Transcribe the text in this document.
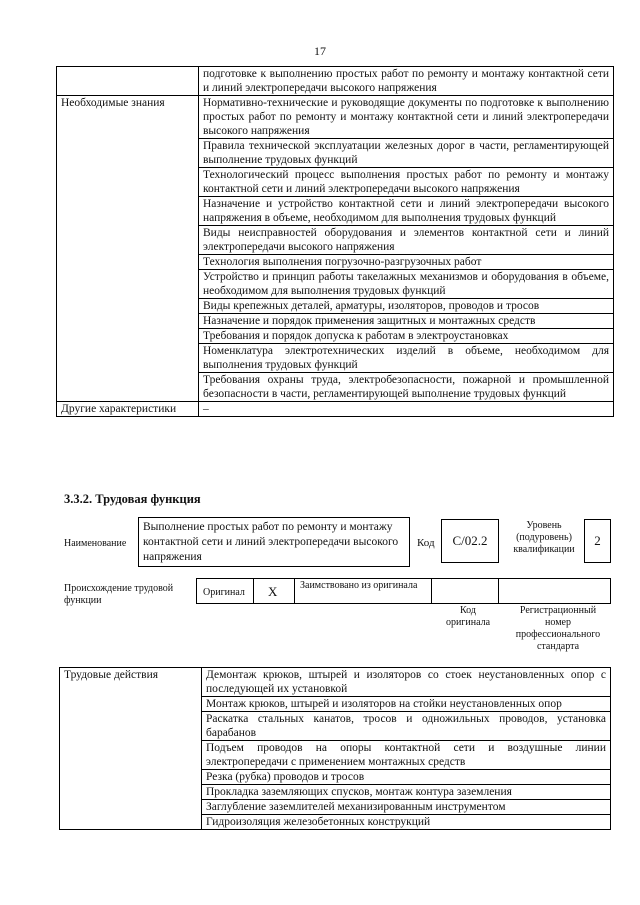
17
	подготовке к выполнению простых работ по ремонту и монтажу контактной сети и линий электропередачи высокого напряжения
Необходимые знания	Нормативно-технические и руководящие документы по подготовке к выполнению простых работ по ремонту и монтажу контактной сети и линий электропередачи высокого напряжения
	Правила технической эксплуатации железных дорог в части, регламентирующей выполнение трудовых функций
	Технологический процесс выполнения простых работ по ремонту и монтажу контактной сети и линий электропередачи высокого напряжения
	Назначение и устройство контактной сети и линий электропередачи высокого напряжения в объеме, необходимом для выполнения трудовых функций
	Виды неисправностей оборудования и элементов контактной сети и линий электропередачи высокого напряжения
	Технология выполнения погрузочно-разгрузочных работ
	Устройство и принцип работы такелажных механизмов и оборудования в объеме, необходимом для выполнения трудовых функций
	Виды крепежных деталей, арматуры, изоляторов, проводов и тросов
	Назначение и порядок применения защитных и монтажных средств
	Требования и порядок допуска к работам в электроустановках
	Номенклатура электротехнических изделий в объеме, необходимом для выполнения трудовых функций
	Требования охраны труда, электробезопасности, пожарной и промышленной безопасности в части, регламентирующей выполнение трудовых функций
Другие характеристики	–
3.3.2. Трудовая функция
Наименование
Выполнение простых работ по ремонту и монтажу контактной сети и линий электропередачи высокого напряжения
Код	С/02.2
Уровень (подуровень) квалификации
2
Происхождение трудовой функции
Оригинал X Заимствовано из оригинала
Код оригинала
Регистрационный номер профессионального стандарта
Трудовые действия	Демонтаж крюков, штырей и изоляторов со стоек неустановленных опор с последующей их установкой
Монтаж крюков, штырей и изоляторов на стойки неустановленных опор
Раскатка стальных канатов, тросов и одножильных проводов, установка барабанов
Подъем проводов на опоры контактной сети и воздушные линии электропередачи с применением монтажных средств
Резка (рубка) проводов и тросов
Прокладка заземляющих спусков, монтаж контура заземления
Заглубление заземлителей механизированным инструментом
Гидроизоляция железобетонных конструкций
